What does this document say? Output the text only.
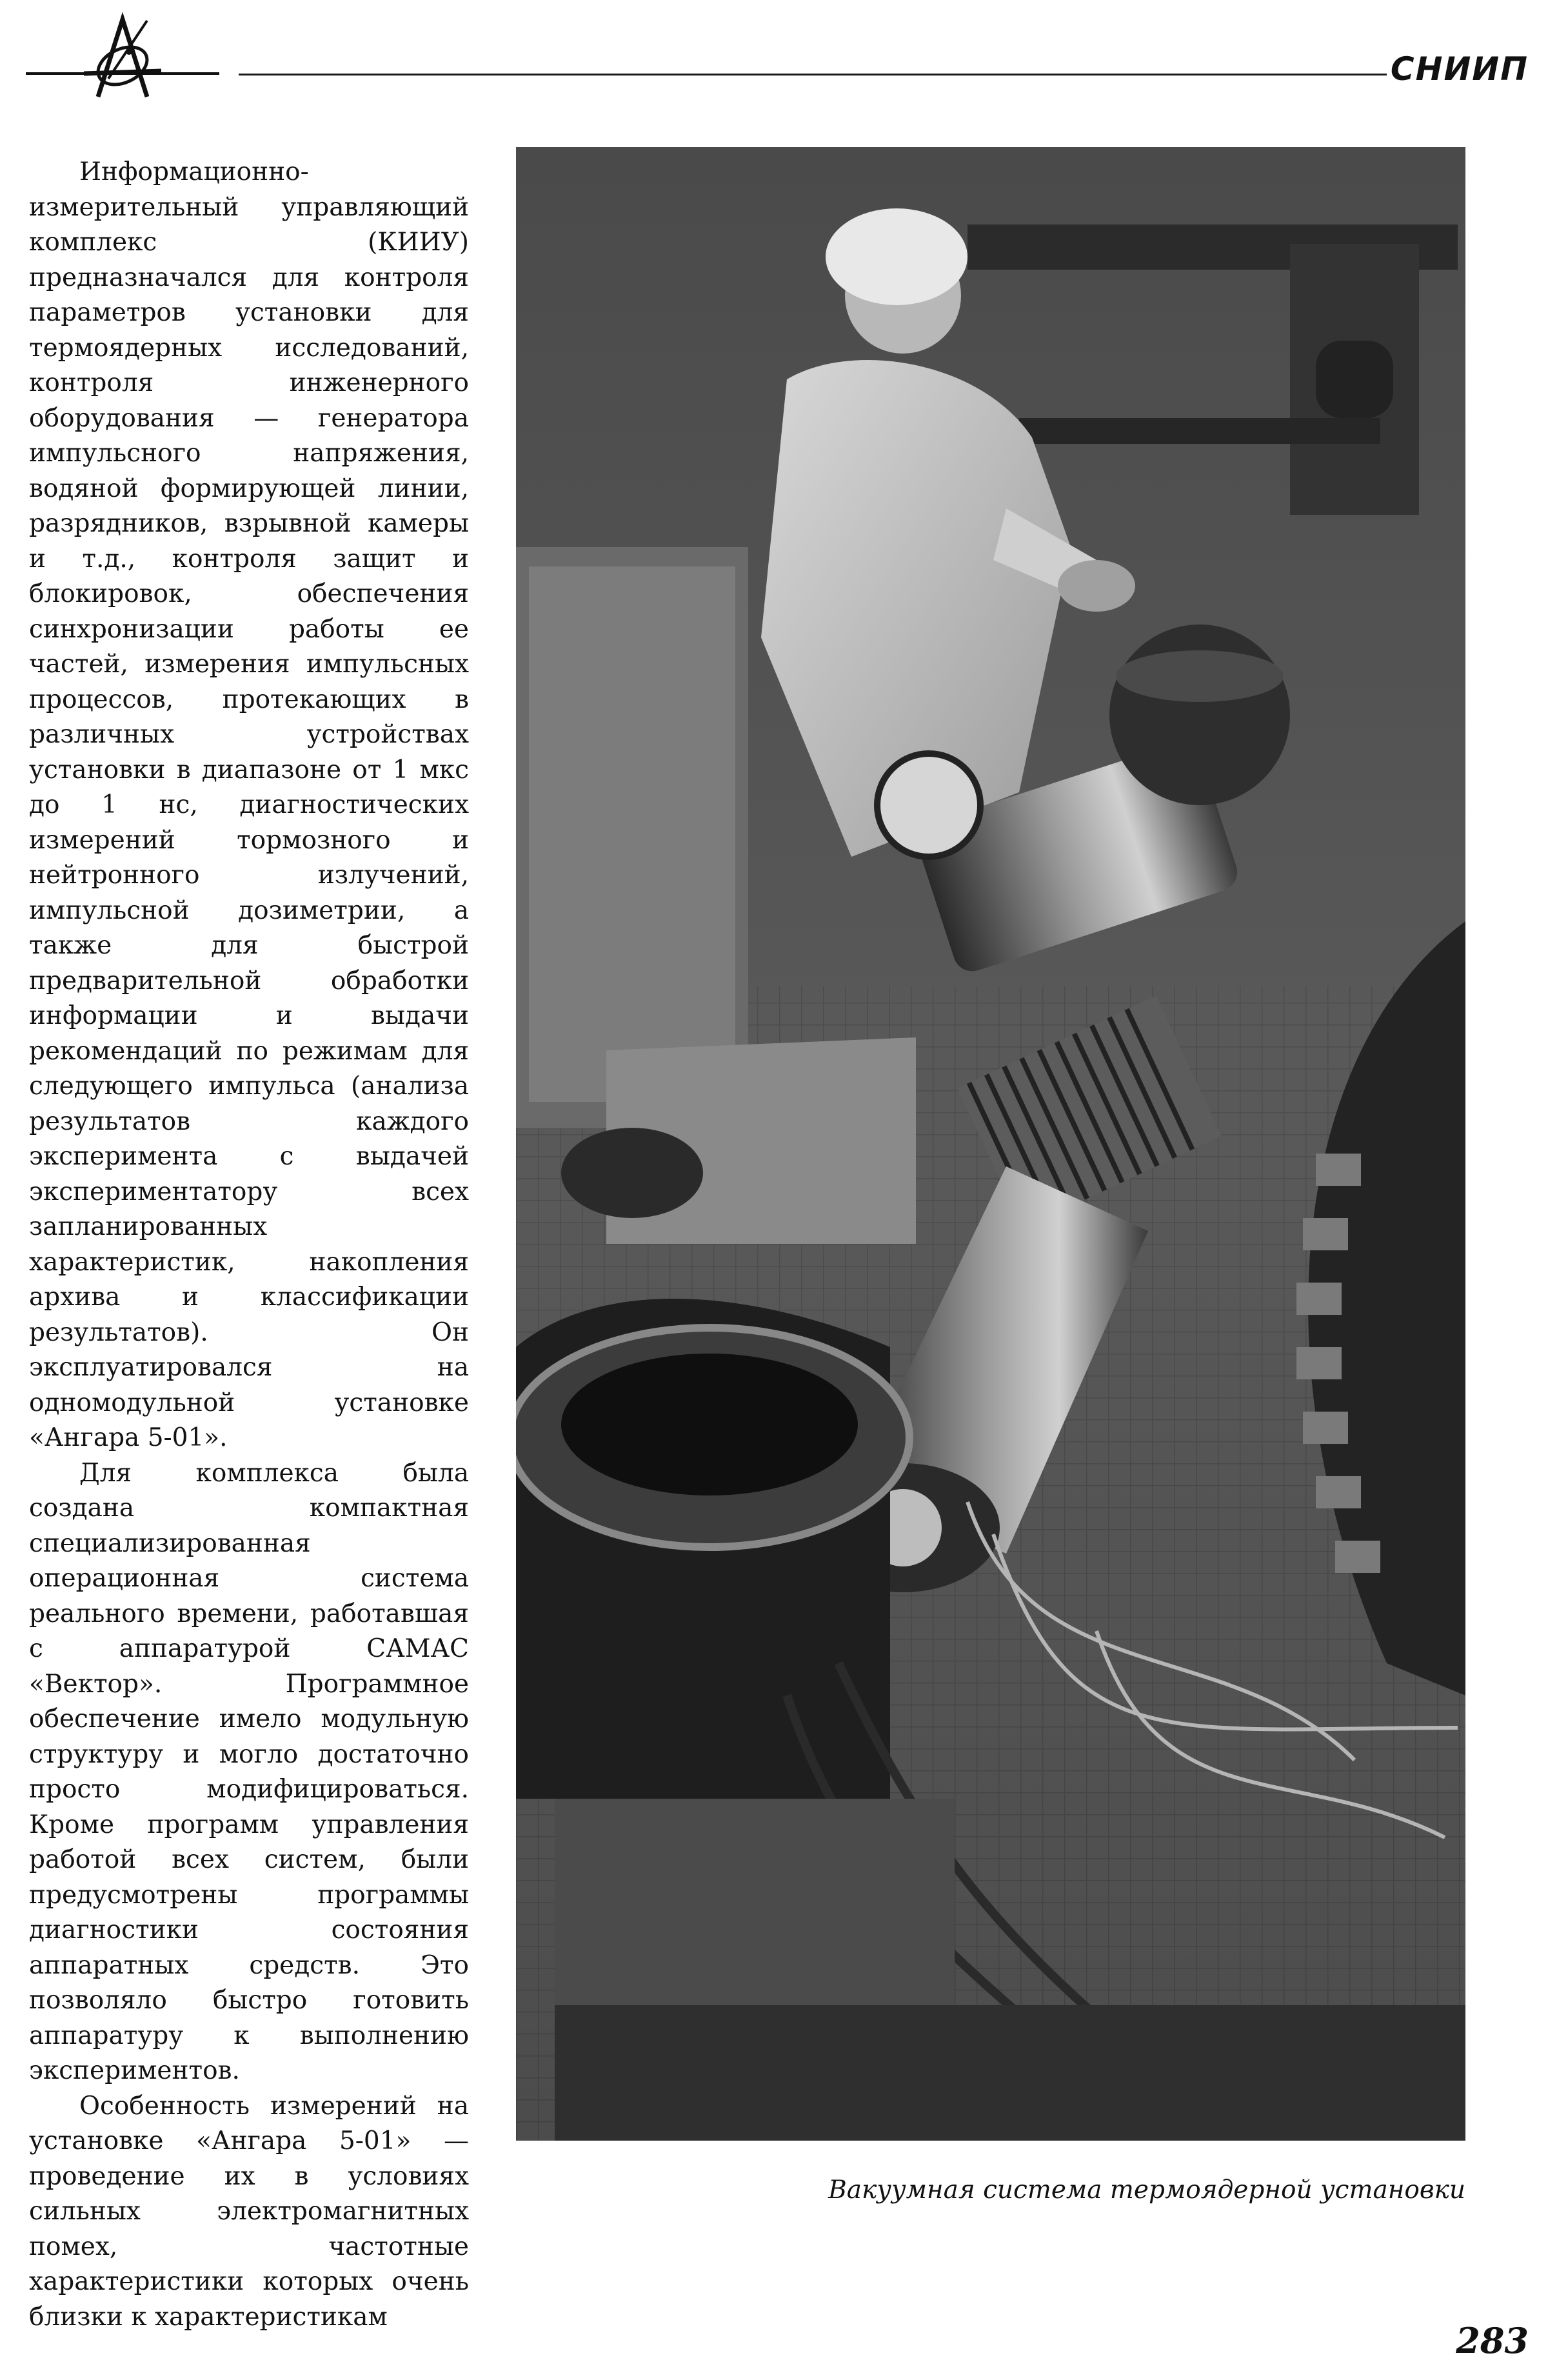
СНИИП

Информационно-измерительный управляющий комплекс (КИИУ) предназначался для контроля параметров установки для термоядерных исследований, контроля инженерного оборудования — генератора импульсного напряжения, водяной формирующей линии, разрядников, взрывной камеры и т.д., контроля защит и блокировок, обеспечения синхронизации работы ее частей, измерения импульсных процессов, протекающих в различных устройствах установки в диапазоне от 1 мкс до 1 нс, диагностических измерений тормозного и нейтронного излучений, импульсной дозиметрии, а также для быстрой предварительной обработки информации и выдачи рекомендаций по режимам для следующего импульса (анализа результатов каждого эксперимента с выдачей экспериментатору всех запланированных характеристик, накопления архива и классификации результатов). Он эксплуатировался на одномодульной установке «Ангара 5-01».

Для комплекса была создана компактная специализированная операционная система реального времени, работавшая с аппаратурой САМАС «Вектор». Программное обеспечение имело модульную структуру и могло достаточно просто модифицироваться. Кроме программ управления работой всех систем, были предусмотрены программы диагностики состояния аппаратных средств. Это позволяло быстро готовить аппаратуру к выполнению экспериментов.

Особенность измерений на установке «Ангара 5-01» — проведение их в условиях сильных электромагнитных помех, частотные характеристики которых очень близки к характеристикам

Вакуумная система термоядерной установки
283
